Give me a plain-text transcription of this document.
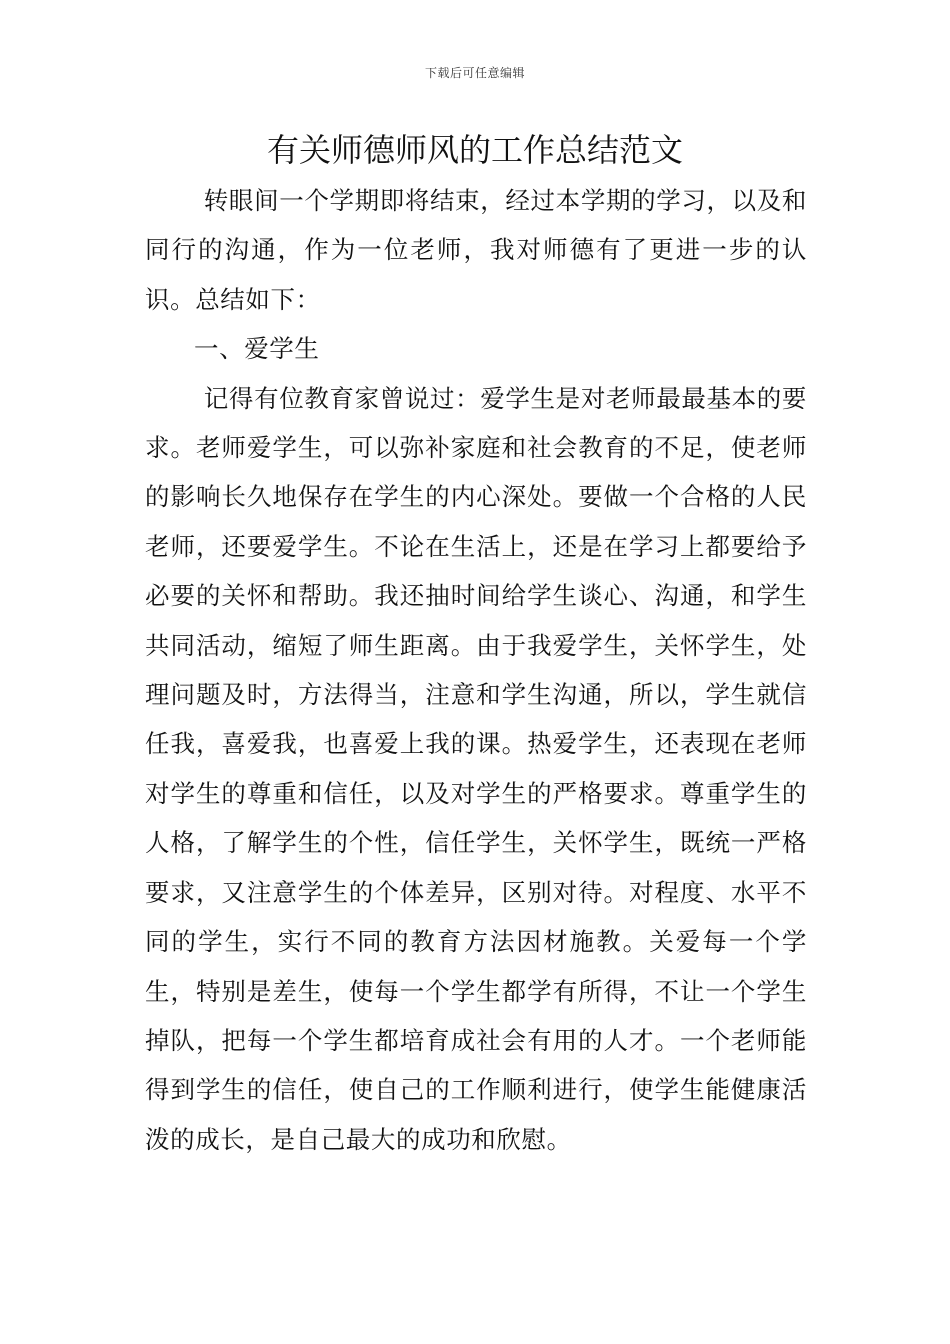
下载后可任意编辑
有关师德师风的工作总结范文

转眼间一个学期即将结束，经过本学期的学习，以及和同行的沟通，作为一位老师，我对师德有了更进一步的认识。总结如下：

一、爱学生

记得有位教育家曾说过：爱学生是对老师最最基本的要求。老师爱学生，可以弥补家庭和社会教育的不足，使老师的影响长久地保存在学生的内心深处。要做一个合格的人民老师，还要爱学生。不论在生活上，还是在学习上都要给予必要的关怀和帮助。我还抽时间给学生谈心、沟通，和学生共同活动，缩短了师生距离。由于我爱学生，关怀学生，处理问题及时，方法得当，注意和学生沟通，所以，学生就信任我，喜爱我，也喜爱上我的课。热爱学生，还表现在老师对学生的尊重和信任，以及对学生的严格要求。尊重学生的人格，了解学生的个性，信任学生，关怀学生，既统一严格要求，又注意学生的个体差异，区别对待。对程度、水平不同的学生，实行不同的教育方法因材施教。关爱每一个学生，特别是差生，使每一个学生都学有所得，不让一个学生掉队，把每一个学生都培育成社会有用的人才。一个老师能得到学生的信任，使自己的工作顺利进行，使学生能健康活泼的成长，是自己最大的成功和欣慰。
